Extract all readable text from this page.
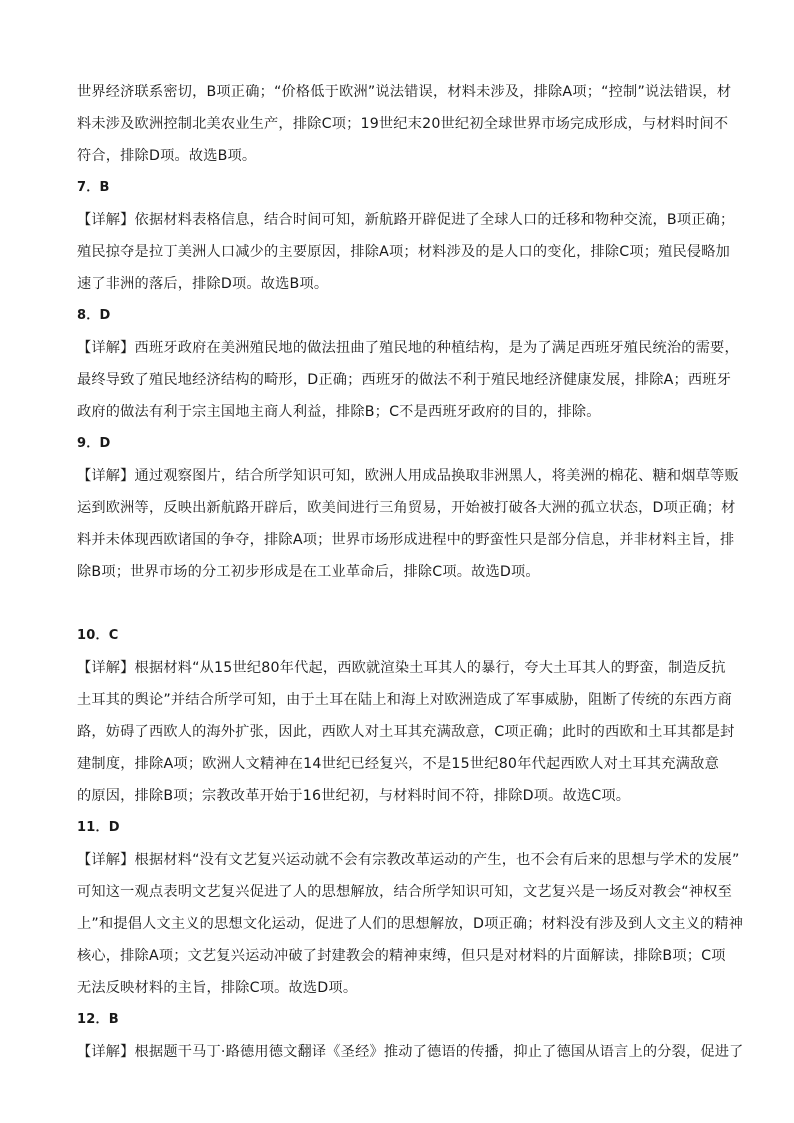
世界经济联系密切，B项正确；“价格低于欧洲”说法错误，材料未涉及，排除A项；“控制”说法错误，材
料未涉及欧洲控制北美农业生产，排除C项；19世纪末20世纪初全球世界市场完成形成，与材料时间不
符合，排除D项。故选B项。
7．B
【详解】依据材料表格信息，结合时间可知，新航路开辟促进了全球人口的迁移和物种交流，B项正确；
殖民掠夺是拉丁美洲人口减少的主要原因，排除A项；材料涉及的是人口的变化，排除C项；殖民侵略加
速了非洲的落后，排除D项。故选B项。
8．D
【详解】西班牙政府在美洲殖民地的做法扭曲了殖民地的种植结构，是为了满足西班牙殖民统治的需要，
最终导致了殖民地经济结构的畸形，D正确；西班牙的做法不利于殖民地经济健康发展，排除A；西班牙
政府的做法有利于宗主国地主商人利益，排除B；C不是西班牙政府的目的，排除。
9．D
【详解】通过观察图片，结合所学知识可知，欧洲人用成品换取非洲黑人，将美洲的棉花、糖和烟草等贩
运到欧洲等，反映出新航路开辟后，欧美间进行三角贸易，开始被打破各大洲的孤立状态，D项正确；材
料并未体现西欧诸国的争夺，排除A项；世界市场形成进程中的野蛮性只是部分信息，并非材料主旨，排
除B项；世界市场的分工初步形成是在工业革命后，排除C项。故选D项。
10．C
【详解】根据材料“从15世纪80年代起，西欧就渲染土耳其人的暴行，夸大土耳其人的野蛮，制造反抗
土耳其的舆论”并结合所学可知，由于土耳在陆上和海上对欧洲造成了军事威胁，阻断了传统的东西方商
路，妨碍了西欧人的海外扩张，因此，西欧人对土耳其充满敌意，C项正确；此时的西欧和土耳其都是封
建制度，排除A项；欧洲人文精神在14世纪已经复兴，不是15世纪80年代起西欧人对土耳其充满敌意
的原因，排除B项；宗教改革开始于16世纪初，与材料时间不符，排除D项。故选C项。
11．D
【详解】根据材料“没有文艺复兴运动就不会有宗教改革运动的产生，也不会有后来的思想与学术的发展”
可知这一观点表明文艺复兴促进了人的思想解放，结合所学知识可知，文艺复兴是一场反对教会“神权至
上”和提倡人文主义的思想文化运动，促进了人们的思想解放，D项正确；材料没有涉及到人文主义的精神
核心，排除A项；文艺复兴运动冲破了封建教会的精神束缚，但只是对材料的片面解读，排除B项；C项
无法反映材料的主旨，排除C项。故选D项。
12．B
【详解】根据题干马丁·路德用德文翻译《圣经》推动了德语的传播，抑止了德国从语言上的分裂，促进了
